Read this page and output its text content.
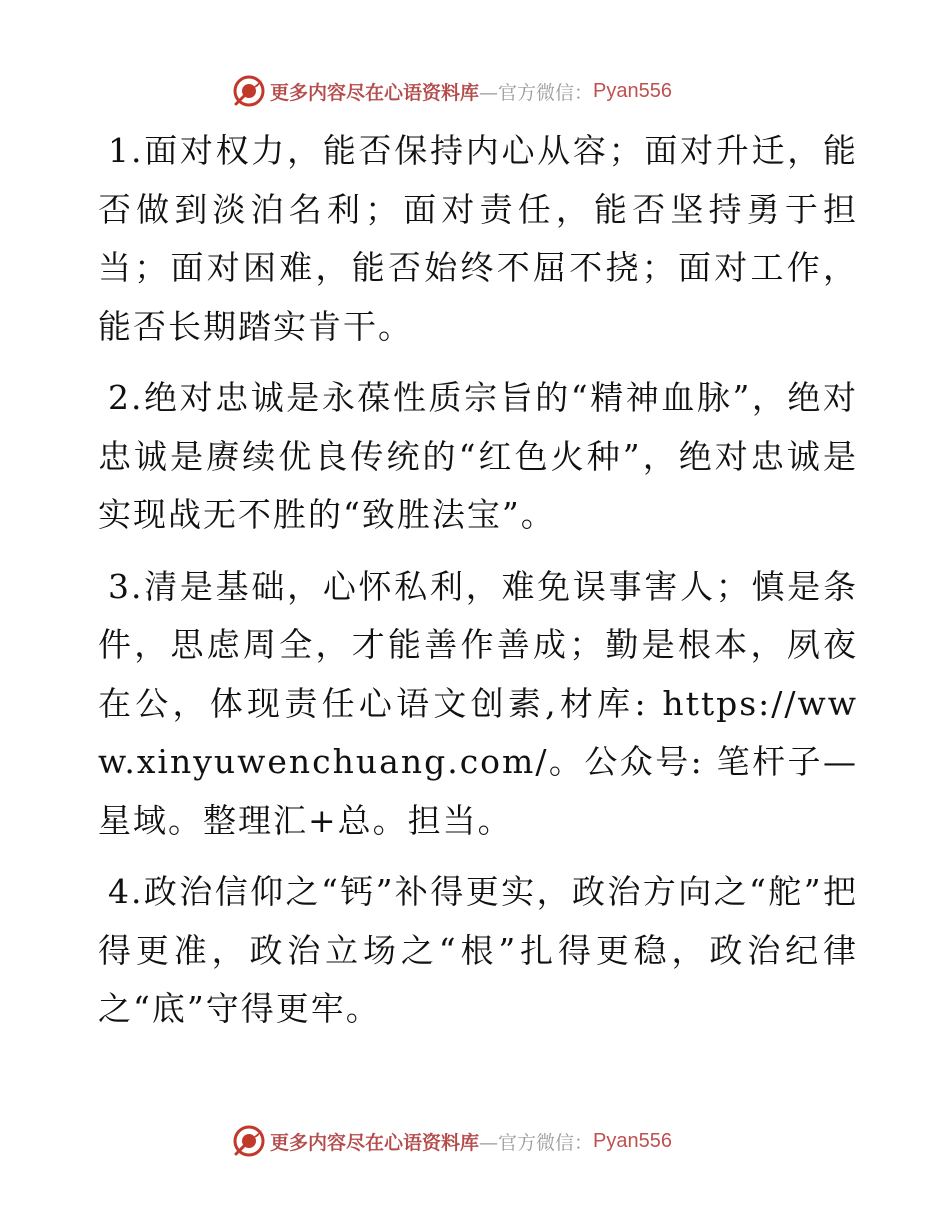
更多内容尽在心语资料库 —官方微信： Pyan556

1.面对权力，能否保持内心从容；面对升迁，能否做到淡泊名利；面对责任，能否坚持勇于担当；面对困难，能否始终不屈不挠；面对工作，能否长期踏实肯干。

2.绝对忠诚是永葆性质宗旨的“精神血脉”，绝对忠诚是赓续优良传统的“红色火种”，绝对忠诚是实现战无不胜的“致胜法宝”。

3.清是基础，心怀私利，难免误事害人；慎是条件，思虑周全，才能善作善成；勤是根本，夙夜在公，体现责任心语文创素,材库: https://www.xinyuwenchuang.com/。公众号: 笔杆子—星域。整理汇+总。担当。

4.政治信仰之“钙”补得更实，政治方向之“舵”把得更准，政治立场之“根”扎得更稳，政治纪律之“底”守得更牢。

更多内容尽在心语资料库 —官方微信： Pyan556
